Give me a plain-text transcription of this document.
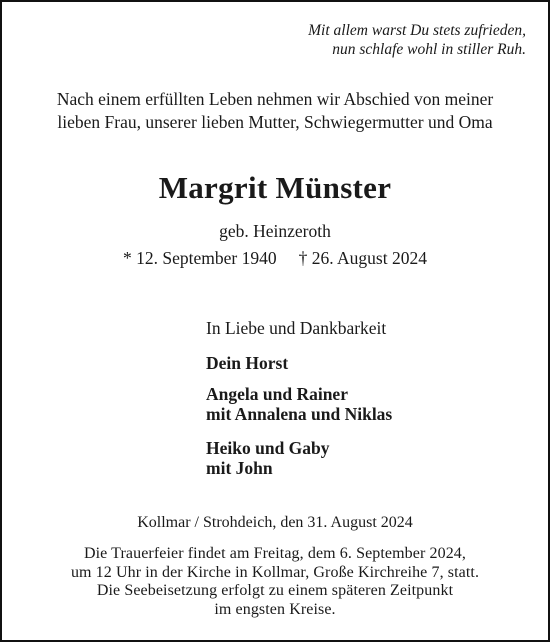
Mit allem warst Du stets zufrieden,
nun schlafe wohl in stiller Ruh.
Nach einem erfüllten Leben nehmen wir Abschied von meiner
lieben Frau, unserer lieben Mutter, Schwiegermutter und Oma
Margrit Münster
geb. Heinzeroth
* 12. September 1940 † 26. August 2024
In Liebe und Dankbarkeit
Dein Horst
Angela und Rainer
mit Annalena und Niklas
Heiko und Gaby
mit John
Kollmar / Strohdeich, den 31. August 2024
Die Trauerfeier findet am Freitag, dem 6. September 2024,
um 12 Uhr in der Kirche in Kollmar, Große Kirchreihe 7, statt.
Die Seebeisetzung erfolgt zu einem späteren Zeitpunkt
im engsten Kreise.
